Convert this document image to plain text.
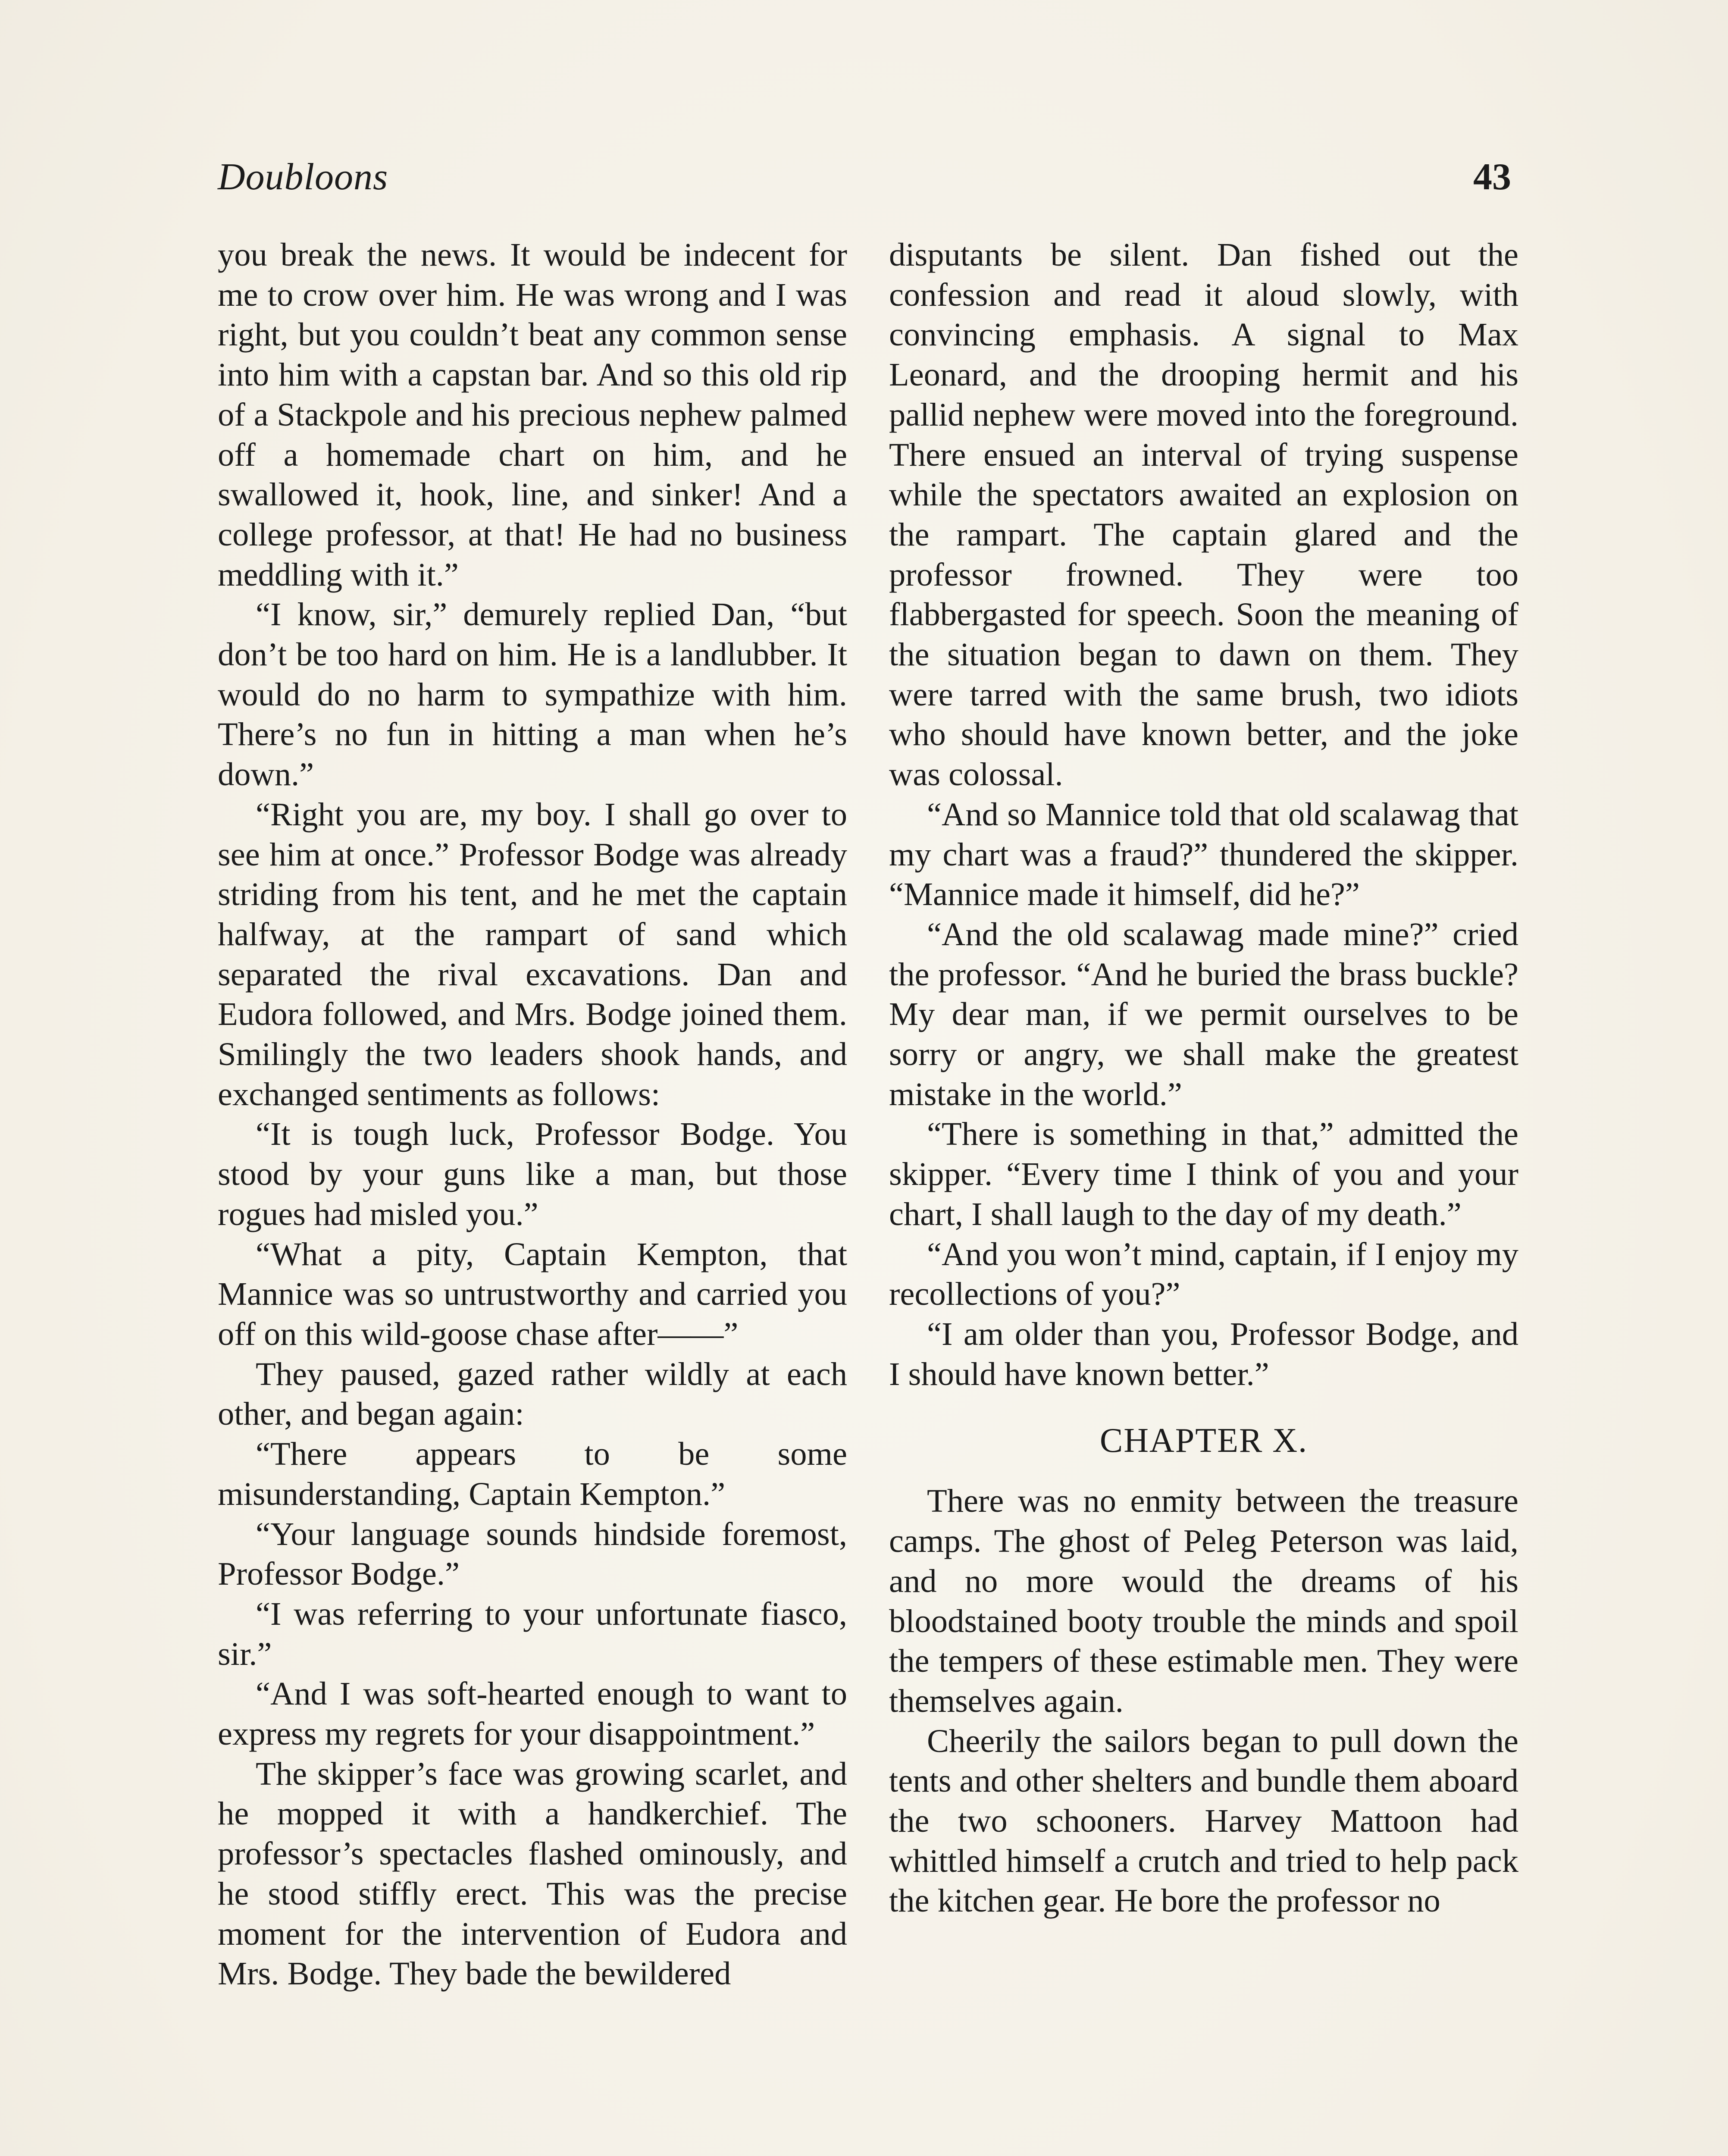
Doubloons	43

you break the news. It would be indecent for me to crow over him. He was wrong and I was right, but you couldn’t beat any common sense into him with a capstan bar. And so this old rip of a Stackpole and his precious nephew palmed off a homemade chart on him, and he swallowed it, hook, line, and sinker! And a college professor, at that! He had no business meddling with it.”

“I know, sir,” demurely replied Dan, “but don’t be too hard on him. He is a landlubber. It would do no harm to sympathize with him. There’s no fun in hitting a man when he’s down.”

“Right you are, my boy. I shall go over to see him at once.” Professor Bodge was already striding from his tent, and he met the captain halfway, at the rampart of sand which separated the rival excavations. Dan and Eudora followed, and Mrs. Bodge joined them. Smilingly the two leaders shook hands, and exchanged sentiments as follows:

“It is tough luck, Professor Bodge. You stood by your guns like a man, but those rogues had misled you.”

“What a pity, Captain Kempton, that Mannice was so untrustworthy and carried you off on this wild-goose chase after——”

They paused, gazed rather wildly at each other, and began again:

“There appears to be some misunderstanding, Captain Kempton.”

“Your language sounds hindside foremost, Professor Bodge.”

“I was referring to your unfortunate fiasco, sir.”

“And I was soft-hearted enough to want to express my regrets for your disappointment.”

The skipper’s face was growing scarlet, and he mopped it with a handkerchief. The professor’s spectacles flashed ominously, and he stood stiffly erect. This was the precise moment for the intervention of Eudora and Mrs. Bodge. They bade the bewildered

disputants be silent. Dan fished out the confession and read it aloud slowly, with convincing emphasis. A signal to Max Leonard, and the drooping hermit and his pallid nephew were moved into the foreground. There ensued an interval of trying suspense while the spectators awaited an explosion on the rampart. The captain glared and the professor frowned. They were too flabbergasted for speech. Soon the meaning of the situation began to dawn on them. They were tarred with the same brush, two idiots who should have known better, and the joke was colossal.

“And so Mannice told that old scalawag that my chart was a fraud?” thundered the skipper. “Mannice made it himself, did he?”

“And the old scalawag made mine?” cried the professor. “And he buried the brass buckle? My dear man, if we permit ourselves to be sorry or angry, we shall make the greatest mistake in the world.”

“There is something in that,” admitted the skipper. “Every time I think of you and your chart, I shall laugh to the day of my death.”

“And you won’t mind, captain, if I enjoy my recollections of you?”

“I am older than you, Professor Bodge, and I should have known better.”

CHAPTER X.

There was no enmity between the treasure camps. The ghost of Peleg Peterson was laid, and no more would the dreams of his bloodstained booty trouble the minds and spoil the tempers of these estimable men. They were themselves again.

Cheerily the sailors began to pull down the tents and other shelters and bundle them aboard the two schooners. Harvey Mattoon had whittled himself a crutch and tried to help pack the kitchen gear. He bore the professor no
